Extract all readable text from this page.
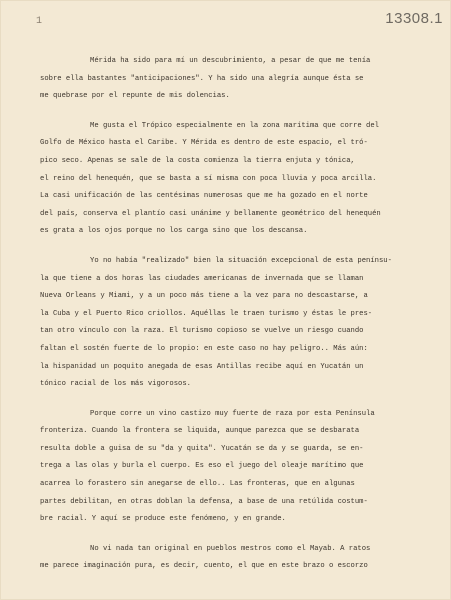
1	13308.1
Mérida ha sido para mí un descubrimiento, a pesar de que me tenía
sobre ella bastantes "anticipaciones". Y ha sido una alegría aunque ésta se
me quebrase por el repunte de mis dolencias.
Me gusta el Trópico especialmente en la zona marítima que corre del
Golfo de México hasta el Caribe. Y Mérida es dentro de este espacio, el tró-
pico seco. Apenas se sale de la costa comienza la tierra enjuta y tónica,
el reino del henequén, que se basta a sí misma con poca lluvia y poca arcilla.
La casi unificación de las centésimas numerosas que me ha gozado en el norte
del país, conserva el plantío casi unánime y bellamente geométrico del henequén
es grata a los ojos porque no los carga sino que los descansa.
Yo no había "realizado" bien la situación excepcional de esta penínsu-
la que tiene a dos horas las ciudades americanas de invernada que se llaman
Nueva Orleans y Miami, y a un poco más tiene a la vez para no descastarse, a
la Cuba y el Puerto Rico criollos. Aquéllas le traen turismo y éstas le pres-
tan otro vínculo con la raza. El turismo copioso se vuelve un riesgo cuando
faltan el sostén fuerte de lo propio: en este caso no hay peligro.. Más aún:
la hispanidad un poquito anegada de esas Antillas recibe aquí en Yucatán un
tónico racial de los más vigorosos.
Porque corre un vino castizo muy fuerte de raza por esta Península
fronteriza. Cuando la frontera se liquida, aunque parezca que se desbarata
resulta doble a guisa de su "da y quita". Yucatán se da y se guarda, se en-
trega a las olas y burla el cuerpo. Es eso el juego del oleaje marítimo que
acarrea lo forastero sin anegarse de ello.. Las fronteras, que en algunas
partes debilitan, en otras doblan la defensa, a base de una retúlida costum-
bre racial. Y aquí se produce este fenómeno, y en grande.
No vi nada tan original en pueblos mestros como el Mayab. A ratos
me parece imaginación pura, es decir, cuento, el que en este brazo o escorzo
